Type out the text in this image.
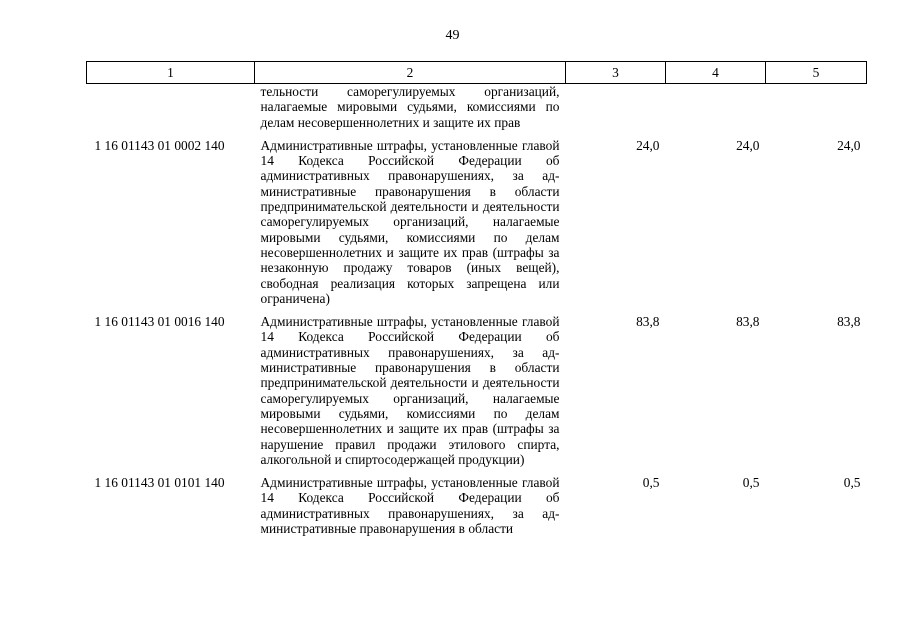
49
1	2	3	4	5
	тельности саморегулируемых организаций, налагаемые мировыми судьями, комиссиями по делам несовершеннолетних и защите их прав			
1 16 01143 01 0002 140	Административные штрафы, установленные главой 14 Кодекса Российской Федерации об административных правонарушениях, за административные правонарушения в области предпринимательской деятельности и деятельности саморегулируемых организаций, налагаемые мировыми судьями, комиссиями по делам несовершеннолетних и защите их прав (штрафы за незаконную продажу товаров (иных вещей), свободная реализация которых запрещена или ограничена)	24,0	24,0	24,0
1 16 01143 01 0016 140	Административные штрафы, установленные главой 14 Кодекса Российской Федерации об административных правонарушениях, за административные правонарушения в области предпринимательской деятельности и деятельности саморегулируемых организаций, налагаемые мировыми судьями, комиссиями по делам несовершеннолетних и защите их прав (штрафы за нарушение правил продажи этилового спирта, алкогольной и спиртосодержащей продукции)	83,8	83,8	83,8
1 16 01143 01 0101 140	Административные штрафы, установленные главой 14 Кодекса Российской Федерации об административных правонарушениях, за административные правонарушения в области	0,5	0,5	0,5
